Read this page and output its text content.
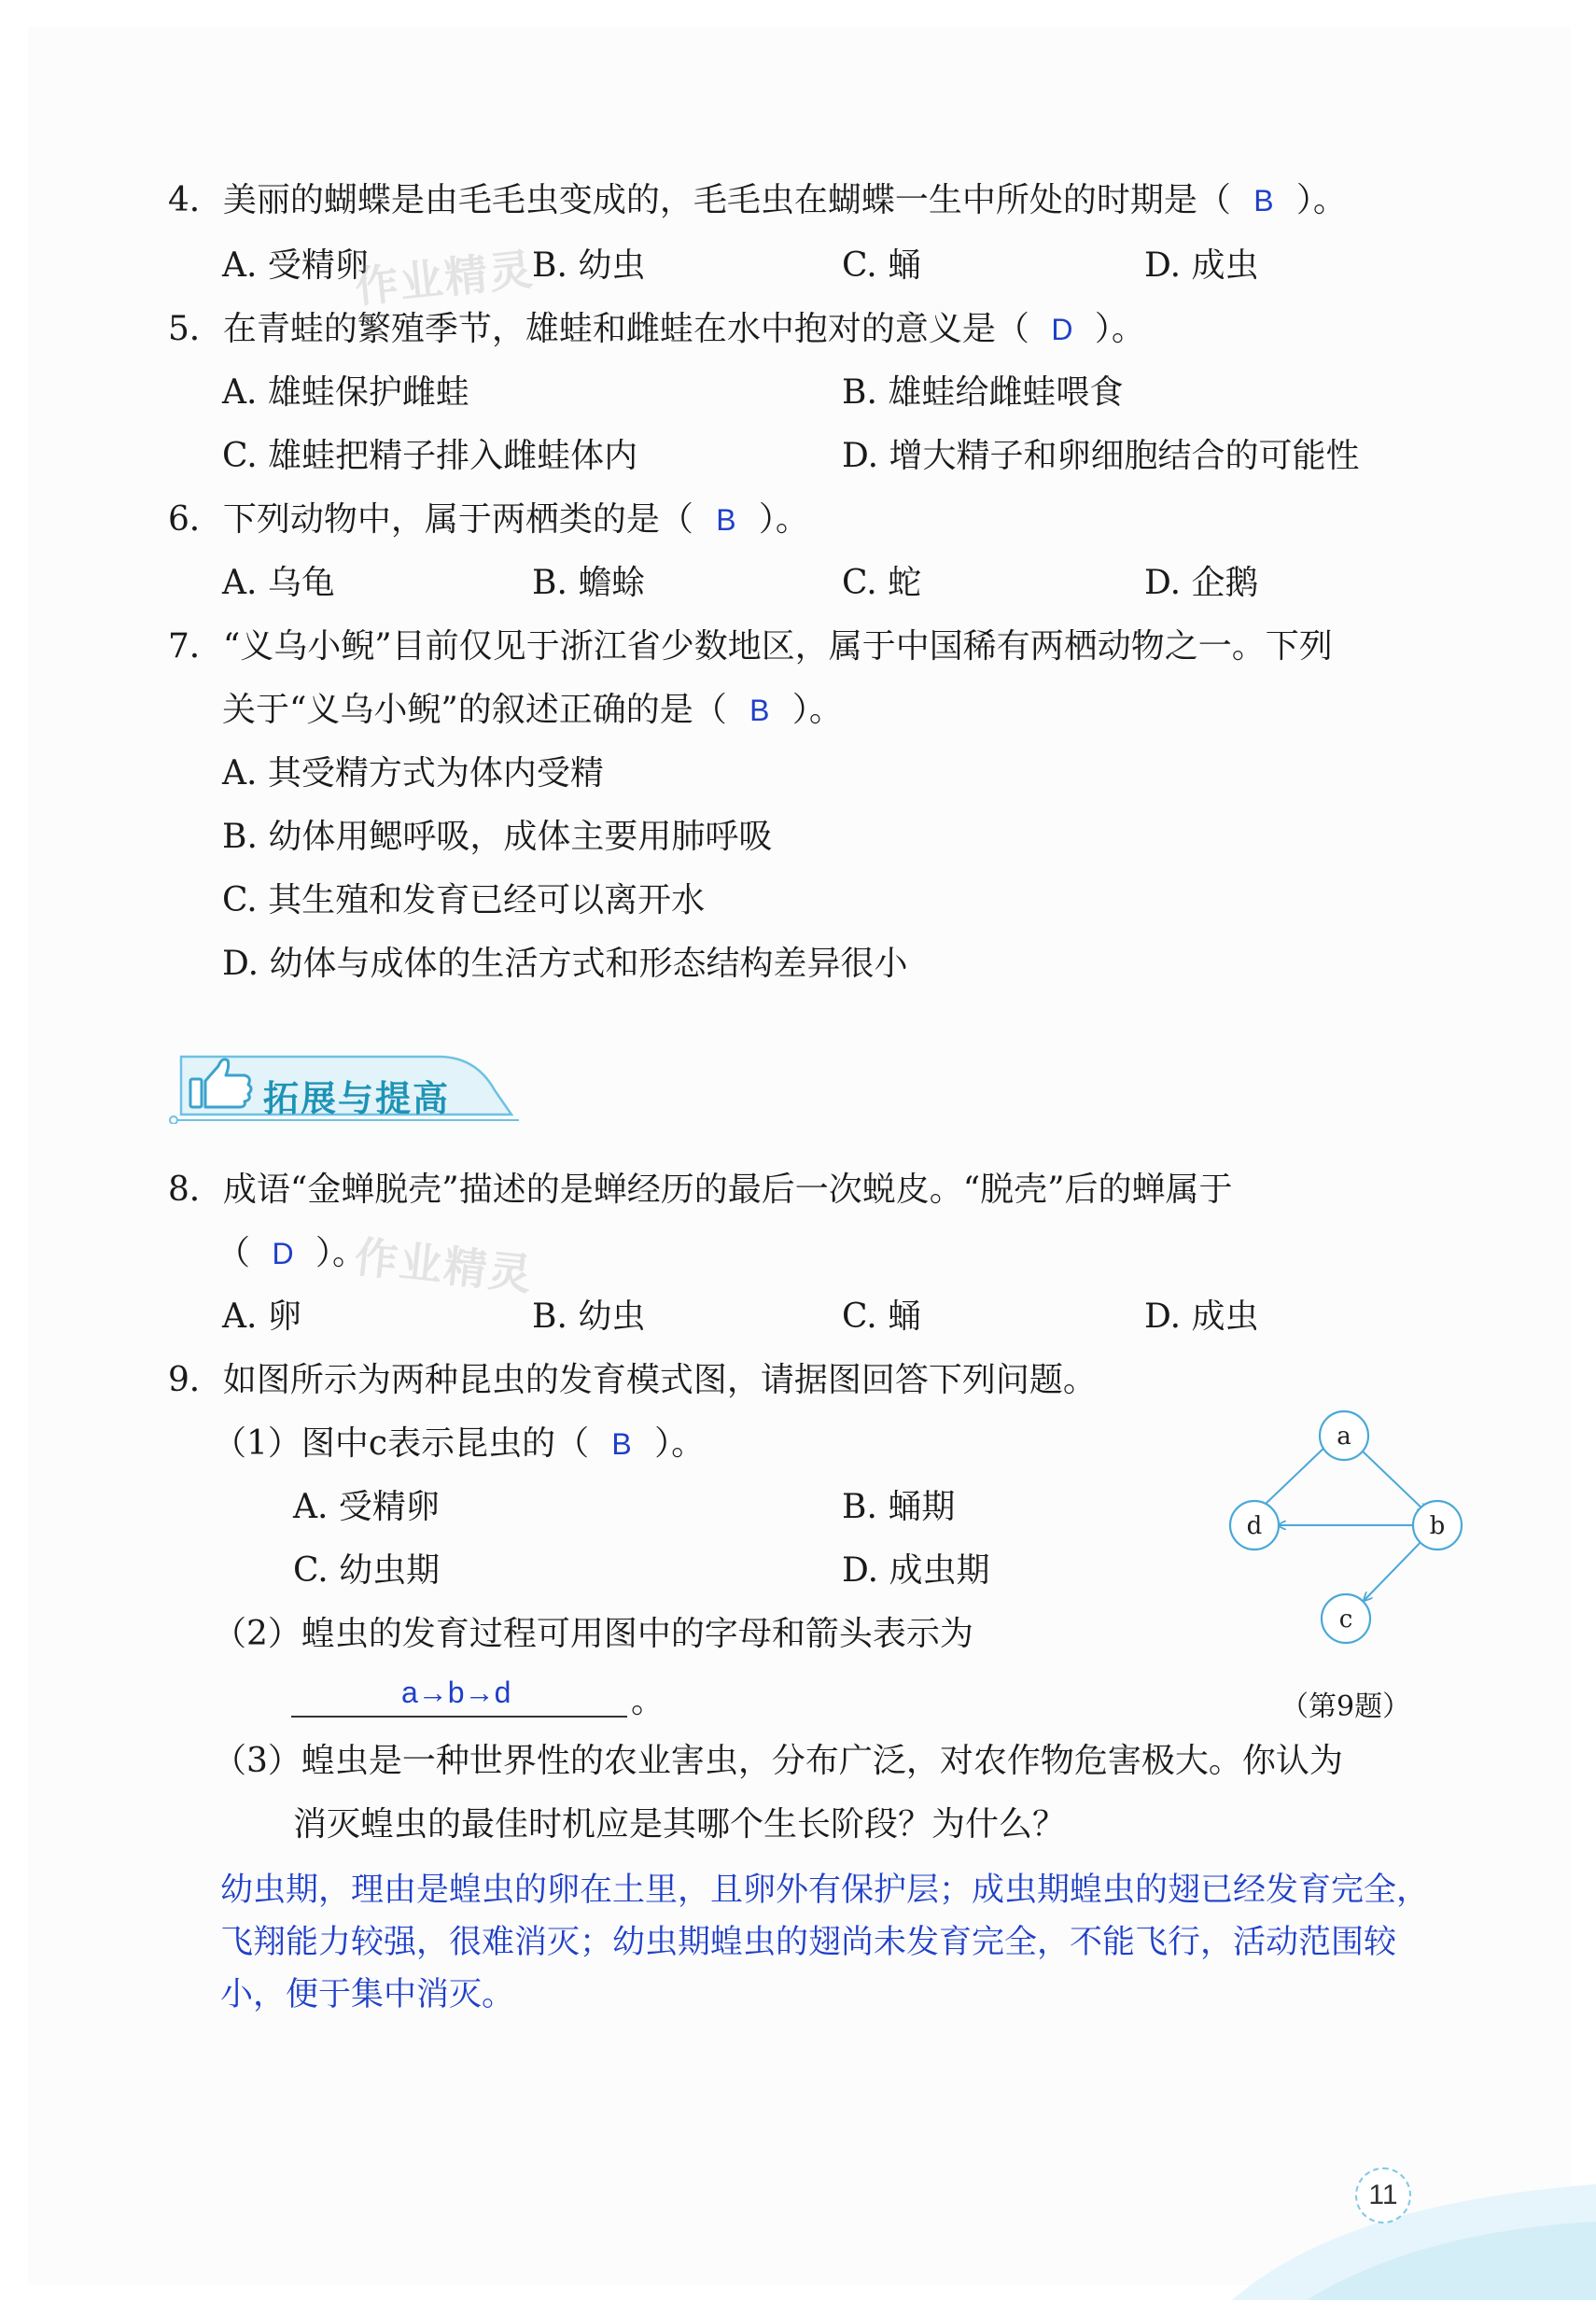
4．美丽的蝴蝶是由毛毛虫变成的，毛毛虫在蝴蝶一生中所处的时期是（ B ）。
A. 受精卵	B. 幼虫	C. 蛹	D. 成虫
5．在青蛙的繁殖季节，雄蛙和雌蛙在水中抱对的意义是（ D ）。
A. 雄蛙保护雌蛙	B. 雄蛙给雌蛙喂食
C. 雄蛙把精子排入雌蛙体内	D. 增大精子和卵细胞结合的可能性
6．下列动物中，属于两栖类的是（ B ）。
A. 乌龟	B. 蟾蜍	C. 蛇	D. 企鹅
7．“义乌小鲵”目前仅见于浙江省少数地区，属于中国稀有两栖动物之一。下列
关于“义乌小鲵”的叙述正确的是（ B ）。
A. 其受精方式为体内受精
B. 幼体用鳃呼吸，成体主要用肺呼吸
C. 其生殖和发育已经可以离开水
D. 幼体与成体的生活方式和形态结构差异很小
拓展与提高
8．成语“金蝉脱壳”描述的是蝉经历的最后一次蜕皮。“脱壳”后的蝉属于
（ D ）。
A. 卵	B. 幼虫	C. 蛹	D. 成虫
9．如图所示为两种昆虫的发育模式图，请据图回答下列问题。
（1）图中c表示昆虫的（ B ）。
A. 受精卵	B. 蛹期
C. 幼虫期	D. 成虫期
（2）蝗虫的发育过程可用图中的字母和箭头表示为
a→b→d	。
（3）蝗虫是一种世界性的农业害虫，分布广泛，对农作物危害极大。你认为
消灭蝗虫的最佳时机应是其哪个生长阶段？为什么？
幼虫期，理由是蝗虫的卵在土里，且卵外有保护层；成虫期蝗虫的翅已经发育完全，
飞翔能力较强，很难消灭；幼虫期蝗虫的翅尚未发育完全，不能飞行，活动范围较
小，便于集中消灭。
a
b
c
d
（第9题）
作业精灵
作业精灵
11
